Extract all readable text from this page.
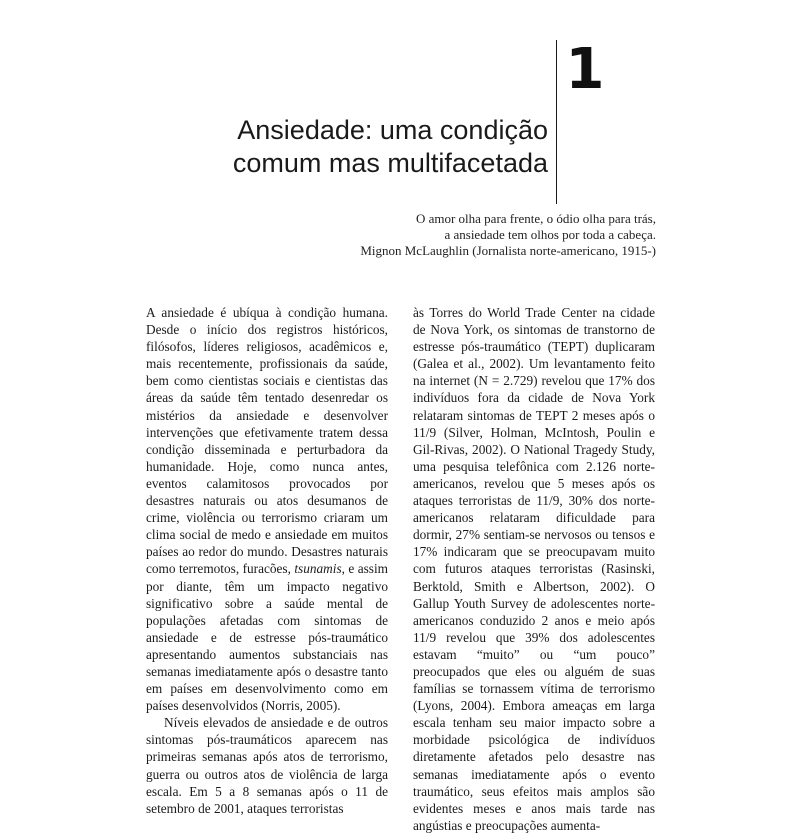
1
Ansiedade: uma condição
comum mas multifacetada
O amor olha para frente, o ódio olha para trás,
a ansiedade tem olhos por toda a cabeça.
Mignon McLaughlin (Jornalista norte-americano, 1915-)

A ansiedade é ubíqua à condição humana. Desde o início dos registros históricos, filósofos, líderes religiosos, acadêmicos e, mais recentemente, profissionais da saúde, bem como cientistas sociais e cientistas das áreas da saúde têm tentado desenredar os mistérios da ansiedade e desenvolver intervenções que efetivamente tratem dessa condição disseminada e perturbadora da humanidade. Hoje, como nunca antes, eventos calamitosos provocados por desastres naturais ou atos desumanos de crime, violência ou terrorismo criaram um clima social de medo e ansiedade em muitos países ao redor do mundo. Desastres naturais como terremotos, furacões, tsunamis, e assim por diante, têm um impacto negativo significativo sobre a saúde mental de populações afetadas com sintomas de ansiedade e de estresse pós-traumático apresentando aumentos substanciais nas semanas imediatamente após o desastre tanto em países em desenvolvimento como em países desenvolvidos (Norris, 2005).

Níveis elevados de ansiedade e de outros sintomas pós-traumáticos aparecem nas primeiras semanas após atos de terrorismo, guerra ou outros atos de violência de larga escala. Em 5 a 8 semanas após o 11 de setembro de 2001, ataques terroristas

às Torres do World Trade Center na cidade de Nova York, os sintomas de transtorno de estresse pós-traumático (TEPT) duplicaram (Galea et al., 2002). Um levantamento feito na internet (N = 2.729) revelou que 17% dos indivíduos fora da cidade de Nova York relataram sintomas de TEPT 2 meses após o 11/9 (Silver, Holman, McIntosh, Poulin e Gil-Rivas, 2002). O National Tragedy Study, uma pesquisa telefônica com 2.126 norte-americanos, revelou que 5 meses após os ataques terroristas de 11/9, 30% dos norte-americanos relataram dificuldade para dormir, 27% sentiam-se nervosos ou tensos e 17% indicaram que se preocupavam muito com futuros ataques terroristas (Rasinski, Berktold, Smith e Albertson, 2002). O Gallup Youth Survey de adolescentes norte-americanos conduzido 2 anos e meio após 11/9 revelou que 39% dos adolescentes estavam “muito” ou “um pouco” preocupados que eles ou alguém de suas famílias se tornassem vítima de terrorismo (Lyons, 2004). Embora ameaças em larga escala tenham seu maior impacto sobre a morbidade psicológica de indivíduos diretamente afetados pelo desastre nas semanas imediatamente após o evento traumático, seus efeitos mais amplos são evidentes meses e anos mais tarde nas angústias e preocupações aumenta-
